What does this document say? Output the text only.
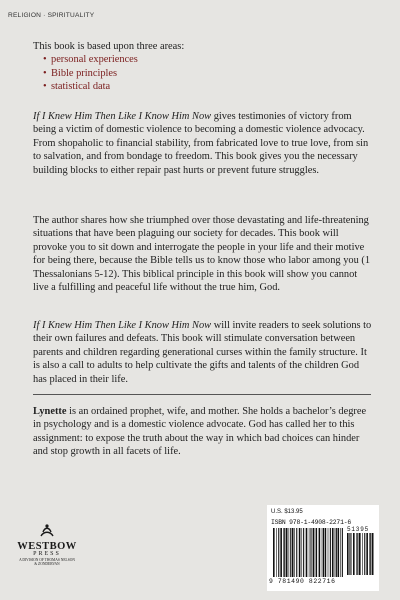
RELIGION · SPIRITUALITY

This book is based upon three areas:

• personal experiences
• Bible principles
• statistical data

If I Knew Him Then Like I Know Him Now gives testimonies of victory from being a victim of domestic violence to becoming a domestic violence advocacy. From shopaholic to financial stability, from fabricated love to true love, from sin to salvation, and from bondage to freedom. This book gives you the necessary building blocks to either repair past hurts or prevent future struggles.

The author shares how she triumphed over those devastating and life-threatening situations that have been plaguing our society for decades. This book will provoke you to sit down and interrogate the people in your life and their motive for being there, because the Bible tells us to know those who labor among you (1 Thessalonians 5-12). This biblical principle in this book will show you cannot live a fulfilling and peaceful life without the true him, God.

If I Knew Him Then Like I Know Him Now will invite readers to seek solutions to their own failures and defeats. This book will stimulate conversation between parents and children regarding generational curses within the family structure. It is also a call to adults to help cultivate the gifts and talents of the children God has placed in their life.

Lynette is an ordained prophet, wife, and mother. She holds a bachelor’s degree in psychology and is a domestic violence advocate. God has called her to this assignment: to expose the truth about the way in which bad choices can hinder and stop growth in all facets of life.

WESTBOW
PRESS
A DIVISION OF THOMAS NELSON
& ZONDERVAN
U.S. $13.95
ISBN 978-1-4908-2271-6
51395
9 781490 822716
